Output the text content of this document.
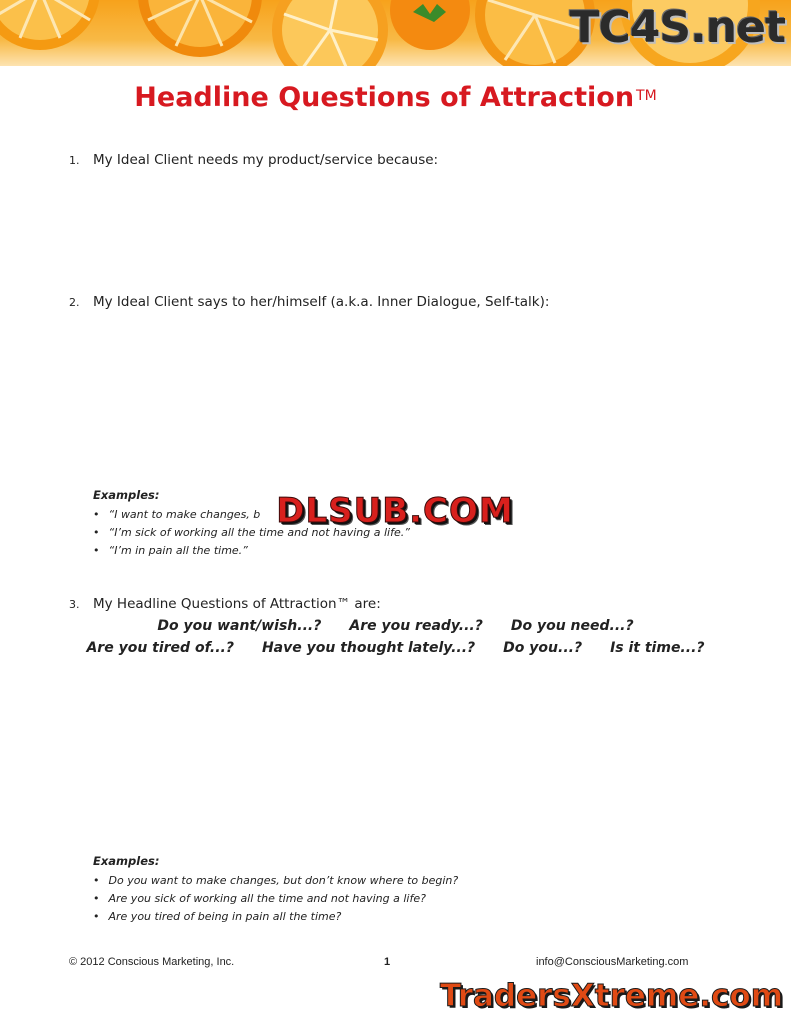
TC4S.net
Headline Questions of Attraction ™
1. My Ideal Client needs my product/service because:
2. My Ideal Client says to her/himself (a.k.a. Inner Dialogue, Self-talk):
Examples:
• “I want to make changes, b
• “I’m sick of working all the time and not having a life.”
• “I’m in pain all the time.”
DLSUB.COM
3. My Headline Questions of Attraction™ are:
Do you want/wish...? Are you ready...? Do you need...?
Are you tired of...? Have you thought lately...? Do you...? Is it time...?
Examples:
• Do you want to make changes, but don’t know where to begin?
• Are you sick of working all the time and not having a life?
• Are you tired of being in pain all the time?
© 2012 Conscious Marketing, Inc.	1	info@ConsciousMarketing.com
TradersXtreme.com
